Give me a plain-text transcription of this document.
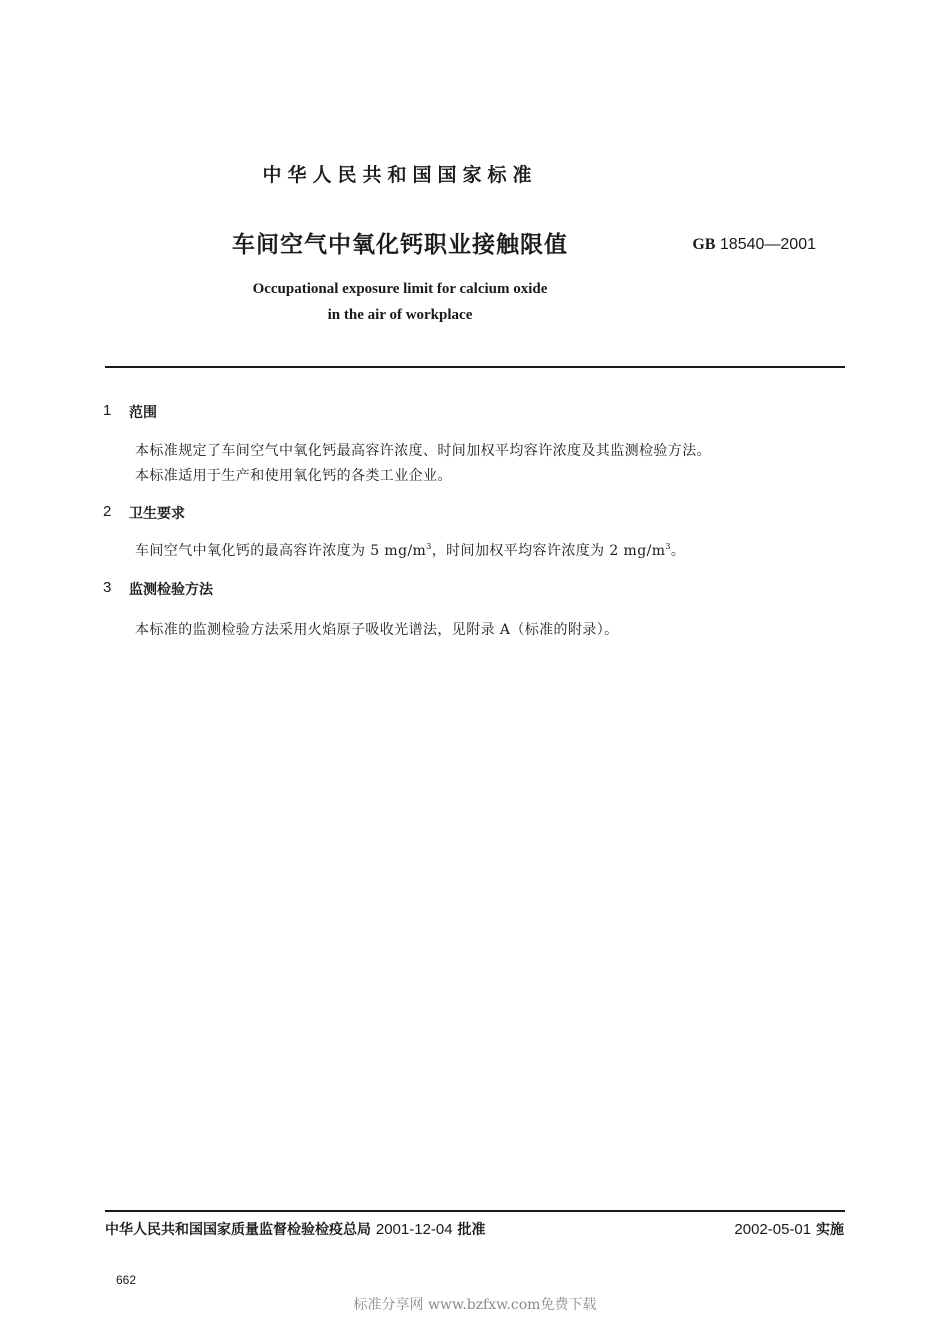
中华人民共和国国家标准
车间空气中氧化钙职业接触限值	GB 18540—2001
Occupational exposure limit for calcium oxide
in the air of workplace
1 范围
本标准规定了车间空气中氧化钙最高容许浓度、时间加权平均容许浓度及其监测检验方法。
本标准适用于生产和使用氧化钙的各类工业企业。
2 卫生要求
车间空气中氧化钙的最高容许浓度为 5 $mg/m^3$，时间加权平均容许浓度为 2 $mg/m^3$。
3 监测检验方法
本标准的监测检验方法采用火焰原子吸收光谱法，见附录 A（标准的附录）。
中华人民共和国国家质量监督检验检疫总局 2001-12-04 批准	2002-05-01 实施
662
标准分享网 www.bzfxw.com免费下载
